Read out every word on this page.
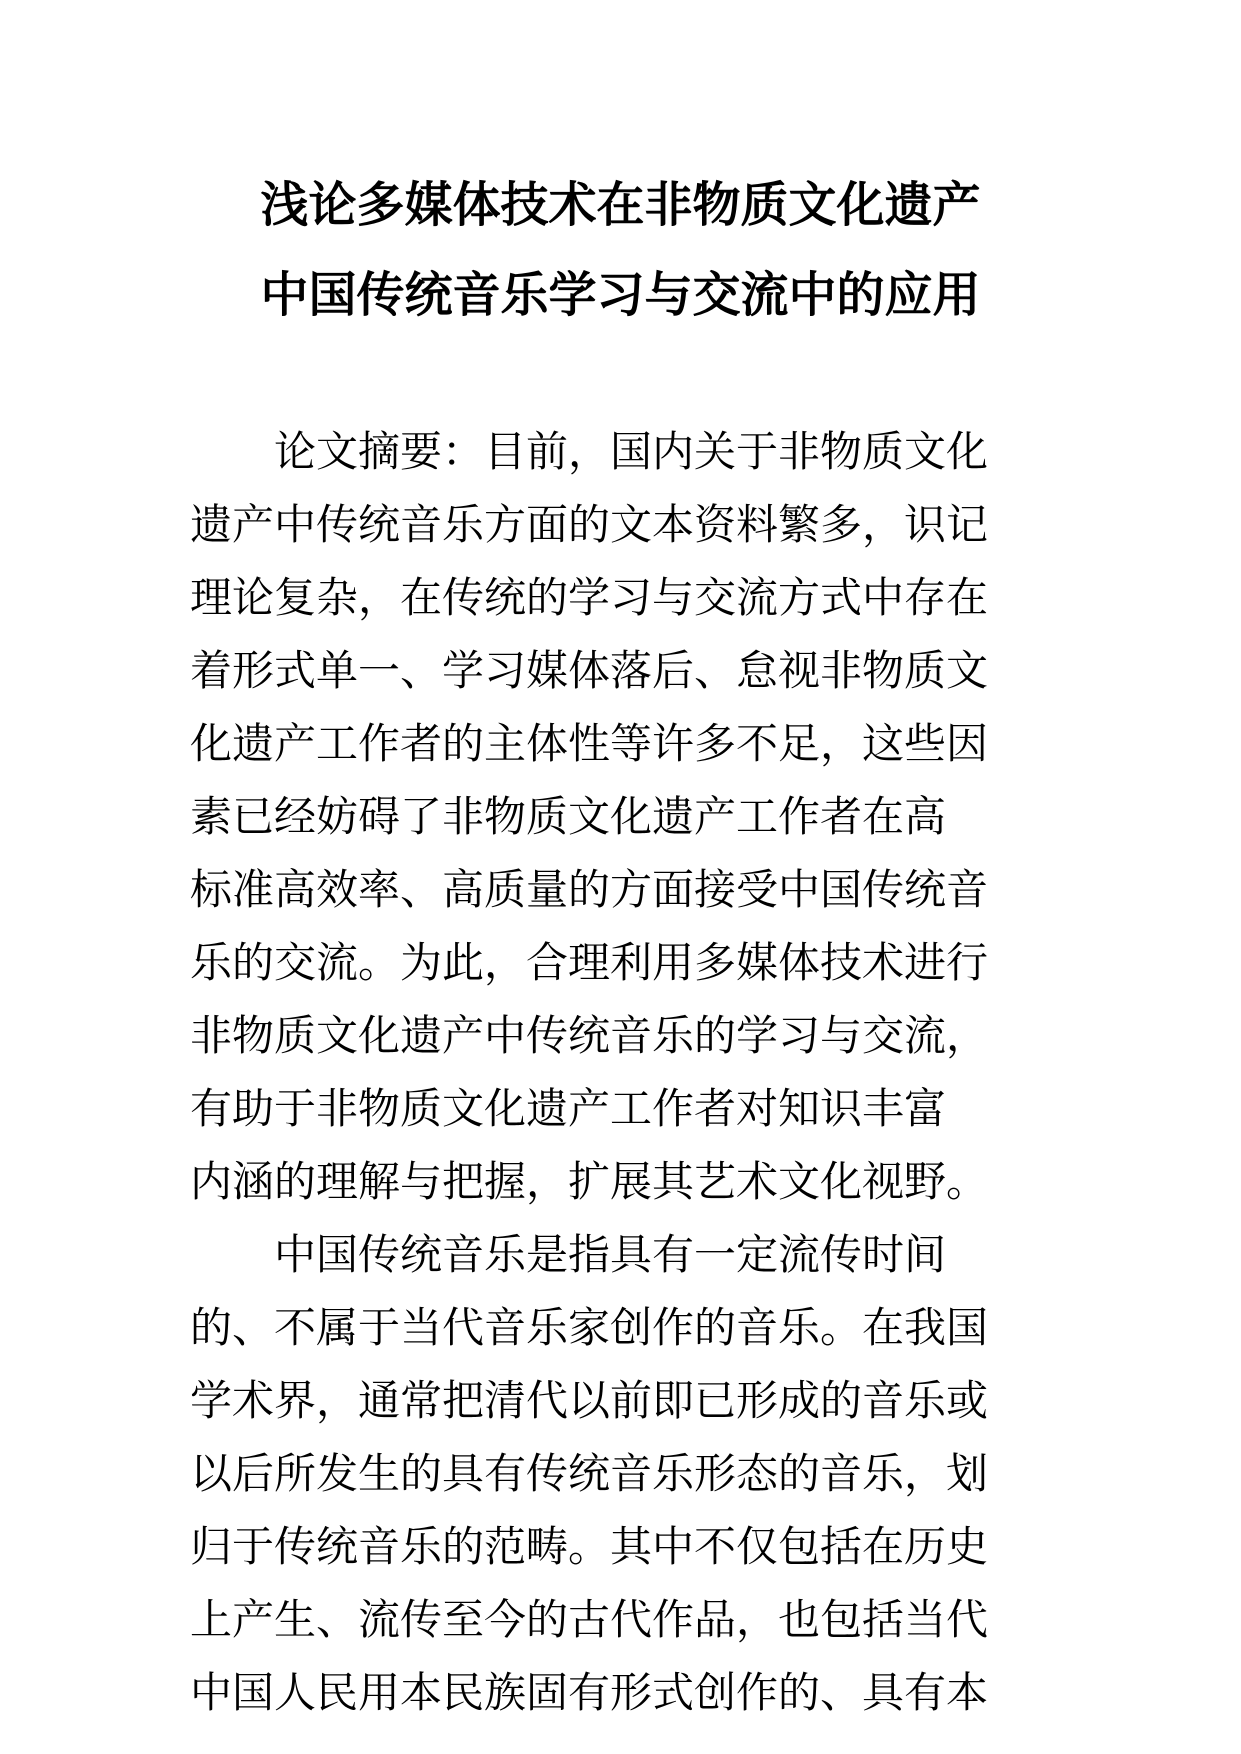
浅论多媒体技术在非物质文化遗产
中国传统音乐学习与交流中的应用
　　论文摘要：目前，国内关于非物质文化
遗产中传统音乐方面的文本资料繁多，识记
理论复杂，在传统的学习与交流方式中存在
着形式单一、学习媒体落后、怠视非物质文
化遗产工作者的主体性等许多不足，这些因
素已经妨碍了非物质文化遗产工作者在高
标准高效率、高质量的方面接受中国传统音
乐的交流。为此，合理利用多媒体技术进行
非物质文化遗产中传统音乐的学习与交流，
有助于非物质文化遗产工作者对知识丰富
内涵的理解与把握，扩展其艺术文化视野。
　　中国传统音乐是指具有一定流传时间
的、不属于当代音乐家创作的音乐。在我国
学术界，通常把清代以前即已形成的音乐或
以后所发生的具有传统音乐形态的音乐，划
归于传统音乐的范畴。其中不仅包括在历史
上产生、流传至今的古代作品，也包括当代
中国人民用本民族固有形式创作的、具有本
